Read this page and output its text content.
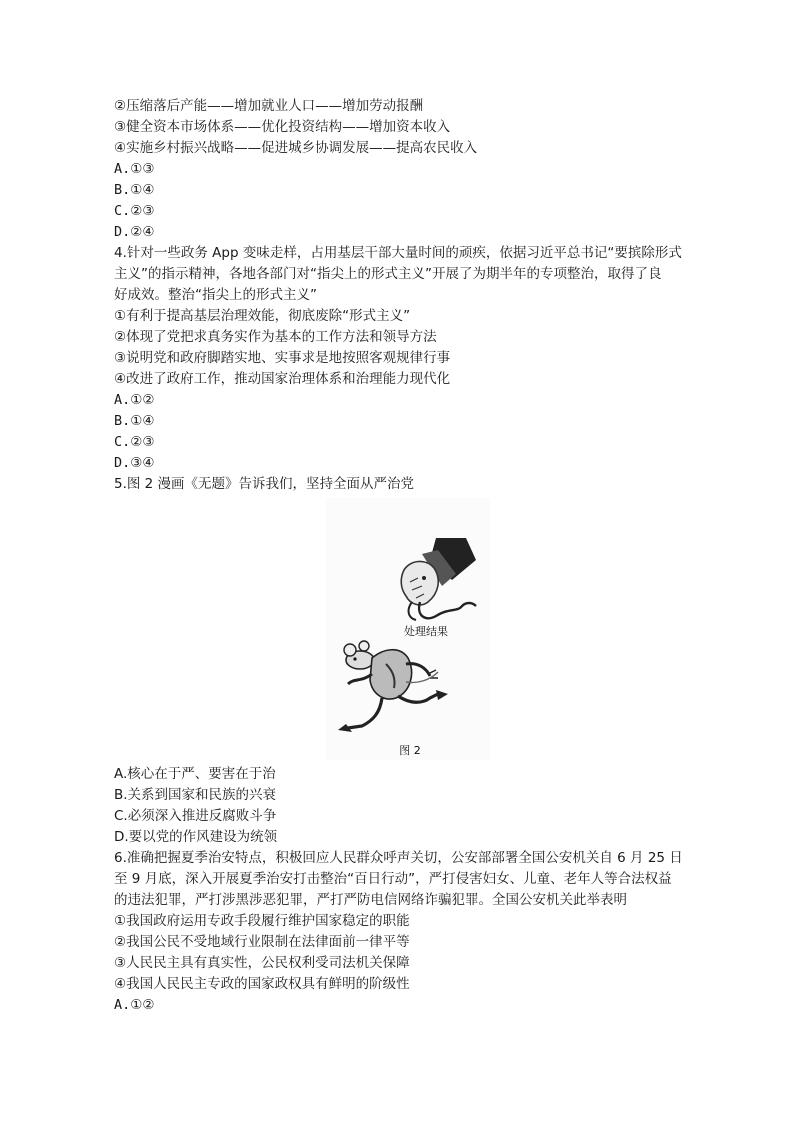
②压缩落后产能——增加就业人口——增加劳动报酬
③健全资本市场体系——优化投资结构——增加资本收入
④实施乡村振兴战略——促进城乡协调发展——提高农民收入
A.①③
B.①④
C.②③
D.②④
4.针对一些政务 App 变味走样，占用基层干部大量时间的顽疾，依据习近平总书记“要摈除形式
主义”的指示精神，各地各部门对“指尖上的形式主义”开展了为期半年的专项整治，取得了良
好成效。整治“指尖上的形式主义”
①有利于提高基层治理效能，彻底废除“形式主义”
②体现了党把求真务实作为基本的工作方法和领导方法
③说明党和政府脚踏实地、实事求是地按照客观规律行事
④改进了政府工作，推动国家治理体系和治理能力现代化
A.①②
B.①④
C.②③
D.③④
5.图 2 漫画《无题》告诉我们，坚持全面从严治党
处理结果
图 2
A.核心在于严、要害在于治
B.关系到国家和民族的兴衰
C.必须深入推进反腐败斗争
D.要以党的作风建设为统领
6.准确把握夏季治安特点，积极回应人民群众呼声关切，公安部部署全国公安机关自 6 月 25 日
至 9 月底，深入开展夏季治安打击整治“百日行动”，严打侵害妇女、儿童、老年人等合法权益
的违法犯罪，严打涉黑涉恶犯罪，严打严防电信网络诈骗犯罪。全国公安机关此举表明
①我国政府运用专政手段履行维护国家稳定的职能
②我国公民不受地域行业限制在法律面前一律平等
③人民民主具有真实性，公民权利受司法机关保障
④我国人民民主专政的国家政权具有鲜明的阶级性
A.①②
